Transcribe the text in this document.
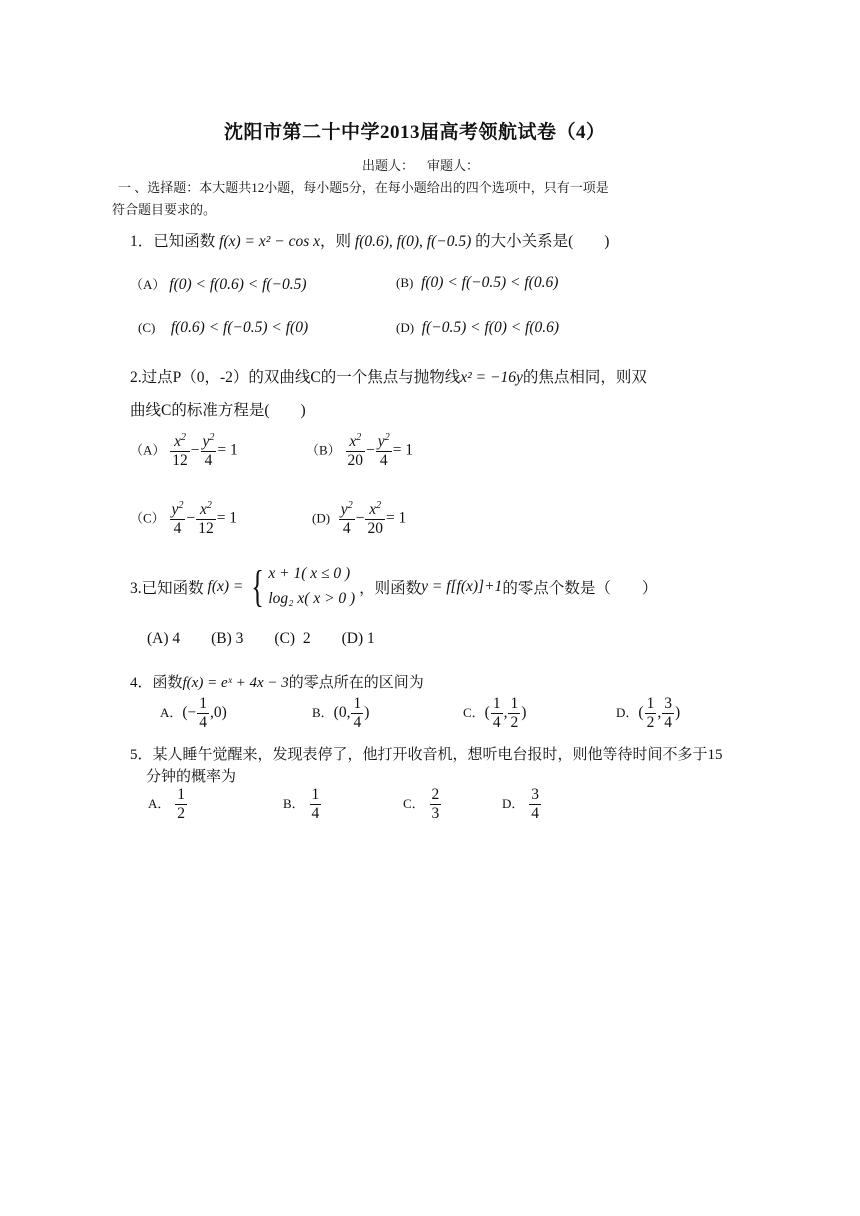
沈阳市第二十中学2013届高考领航试卷（4）
出题人：    审题人：
一 、选择题：本大题共12小题，每小题5分，在每小题给出的四个选项中，只有一项是
符合题目要求的。
1．已知函数 f(x) = x² − cos x，则 f(0.6), f(0), f(−0.5) 的大小关系是(　　)
（A） f(0) < f(0.6) < f(−0.5)	(B) f(0) < f(−0.5) < f(0.6)
(C) f(0.6) < f(−0.5) < f(0)	(D) f(−0.5) < f(0) < f(0.6)
2.过点P（0，-2）的双曲线C的一个焦点与抛物线x² = −16y的焦点相同，则双
曲线C的标准方程是(　　)
$(A) \frac{x^2}{12} - \frac{y^2}{4} = 1$	$(B) \frac{x^2}{20} - \frac{y^2}{4} = 1$
$(C) \frac{y^2}{4} - \frac{x^2}{12} = 1$	$(D) \frac{y^2}{4} - \frac{x^2}{20} = 1$
3.已知函数 f(x) = { x + 1( x ≤ 0 )
log₂ x( x > 0 )
，则函数y = f[f(x)]+1的零点个数是（　　）
(A) 4　　(B) 3　　(C)  2　　(D) 1
4．函数f(x) = eˣ + 4x − 3的零点所在的区间为
A．(− $\frac{1}{4} ,0$)	B．(0, $\frac{1}{4}$ )	C．( $\frac{1}{4}$ , $\frac{1}{2}$ )	D．( $\frac{1}{2}$ , $\frac{3}{4}$ )
5．某人睡午觉醒来，发现表停了，他打开收音机，想听电台报时，则他等待时间不多于15
分钟的概率为
A． $\frac{1}{2}$	B． $\frac{1}{4}$	C． $\frac{2}{3}$	D． $\frac{3}{4}$
